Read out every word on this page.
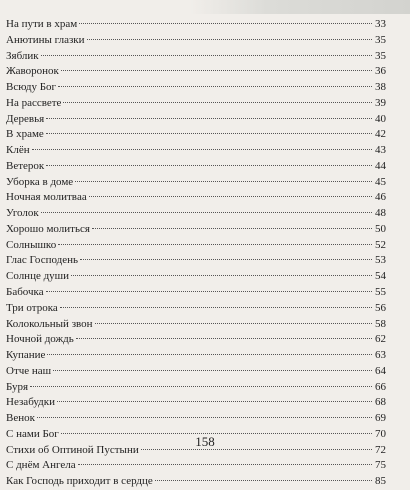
На пути в храм	33
Анютины глазки	35
Зяблик	35
Жаворонок	36
Всюду Бог	38
На рассвете	39
Деревья	40
В храме	42
Клён	43
Ветерок	44
Уборка в доме	45
Ночная молитвaa	46
Уголок	48
Хорошо молиться	50
Солнышко	52
Глас Господень	53
Солнце души	54
Бабочка	55
Три отрока	56
Колокольный звон	58
Ночной дождь	62
Купание	63
Отче наш	64
Буря	66
Незабудки	68
Венок	69
С нами Бог	70
Стихи об Оптиной Пустыни	72
С днём Ангела	75
Как Господь приходит в сердце	85
158
